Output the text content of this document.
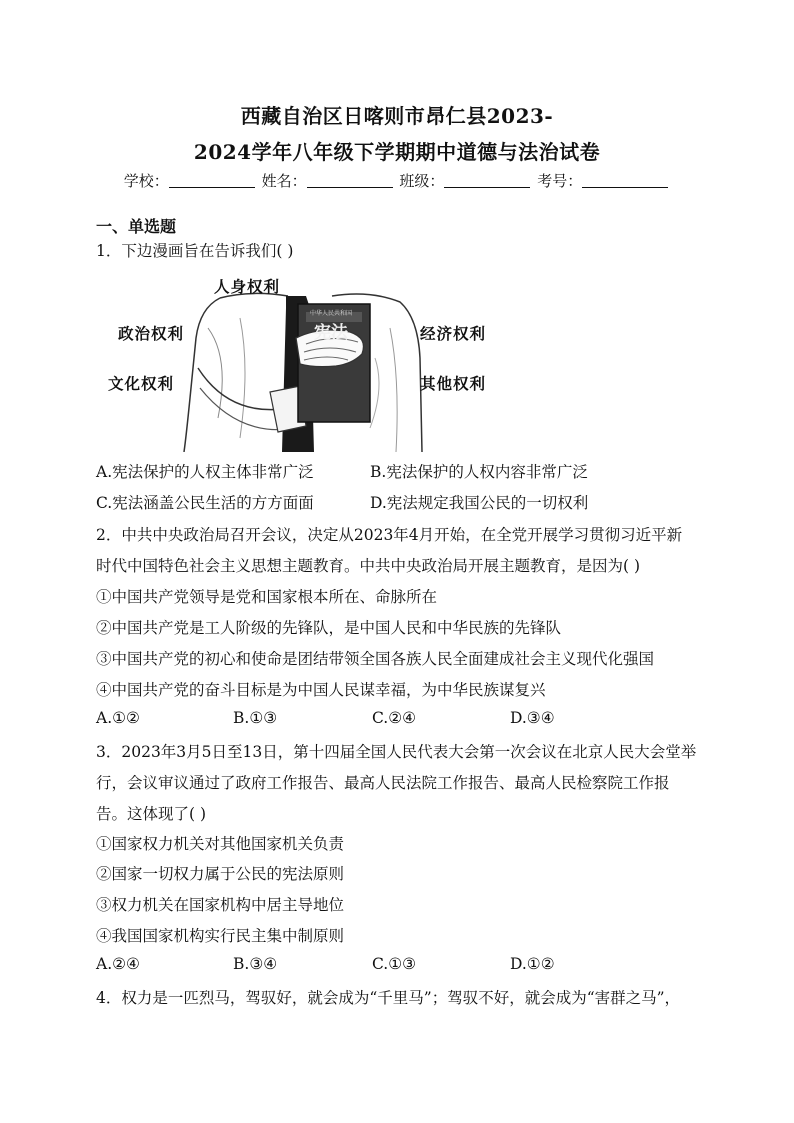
西藏自治区日喀则市昂仁县2023-
2024学年八年级下学期期中道德与法治试卷
学校：	姓名：	班级：	考号：
一、单选题
1．下边漫画旨在告诉我们( )
中华人民共和国
宪法
人身权利
政治权利
文化权利
经济权利
其他权利
A.宪法保护的人权主体非常广泛	B.宪法保护的人权内容非常广泛
C.宪法涵盖公民生活的方方面面	D.宪法规定我国公民的一切权利
2．中共中央政治局召开会议，决定从2023年4月开始，在全党开展学习贯彻习近平新
时代中国特色社会主义思想主题教育。中共中央政治局开展主题教育，是因为( )
①中国共产党领导是党和国家根本所在、命脉所在
②中国共产党是工人阶级的先锋队，是中国人民和中华民族的先锋队
③中国共产党的初心和使命是团结带领全国各族人民全面建成社会主义现代化强国
④中国共产党的奋斗目标是为中国人民谋幸福，为中华民族谋复兴
A.①②	B.①③	C.②④	D.③④
3．2023年3月5日至13日，第十四届全国人民代表大会第一次会议在北京人民大会堂举
行，会议审议通过了政府工作报告、最高人民法院工作报告、最高人民检察院工作报
告。这体现了( )
①国家权力机关对其他国家机关负责
②国家一切权力属于公民的宪法原则
③权力机关在国家机构中居主导地位
④我国国家机构实行民主集中制原则
A.②④	B.③④	C.①③	D.①②
4．权力是一匹烈马，驾驭好，就会成为“千里马”；驾驭不好，就会成为“害群之马”，
